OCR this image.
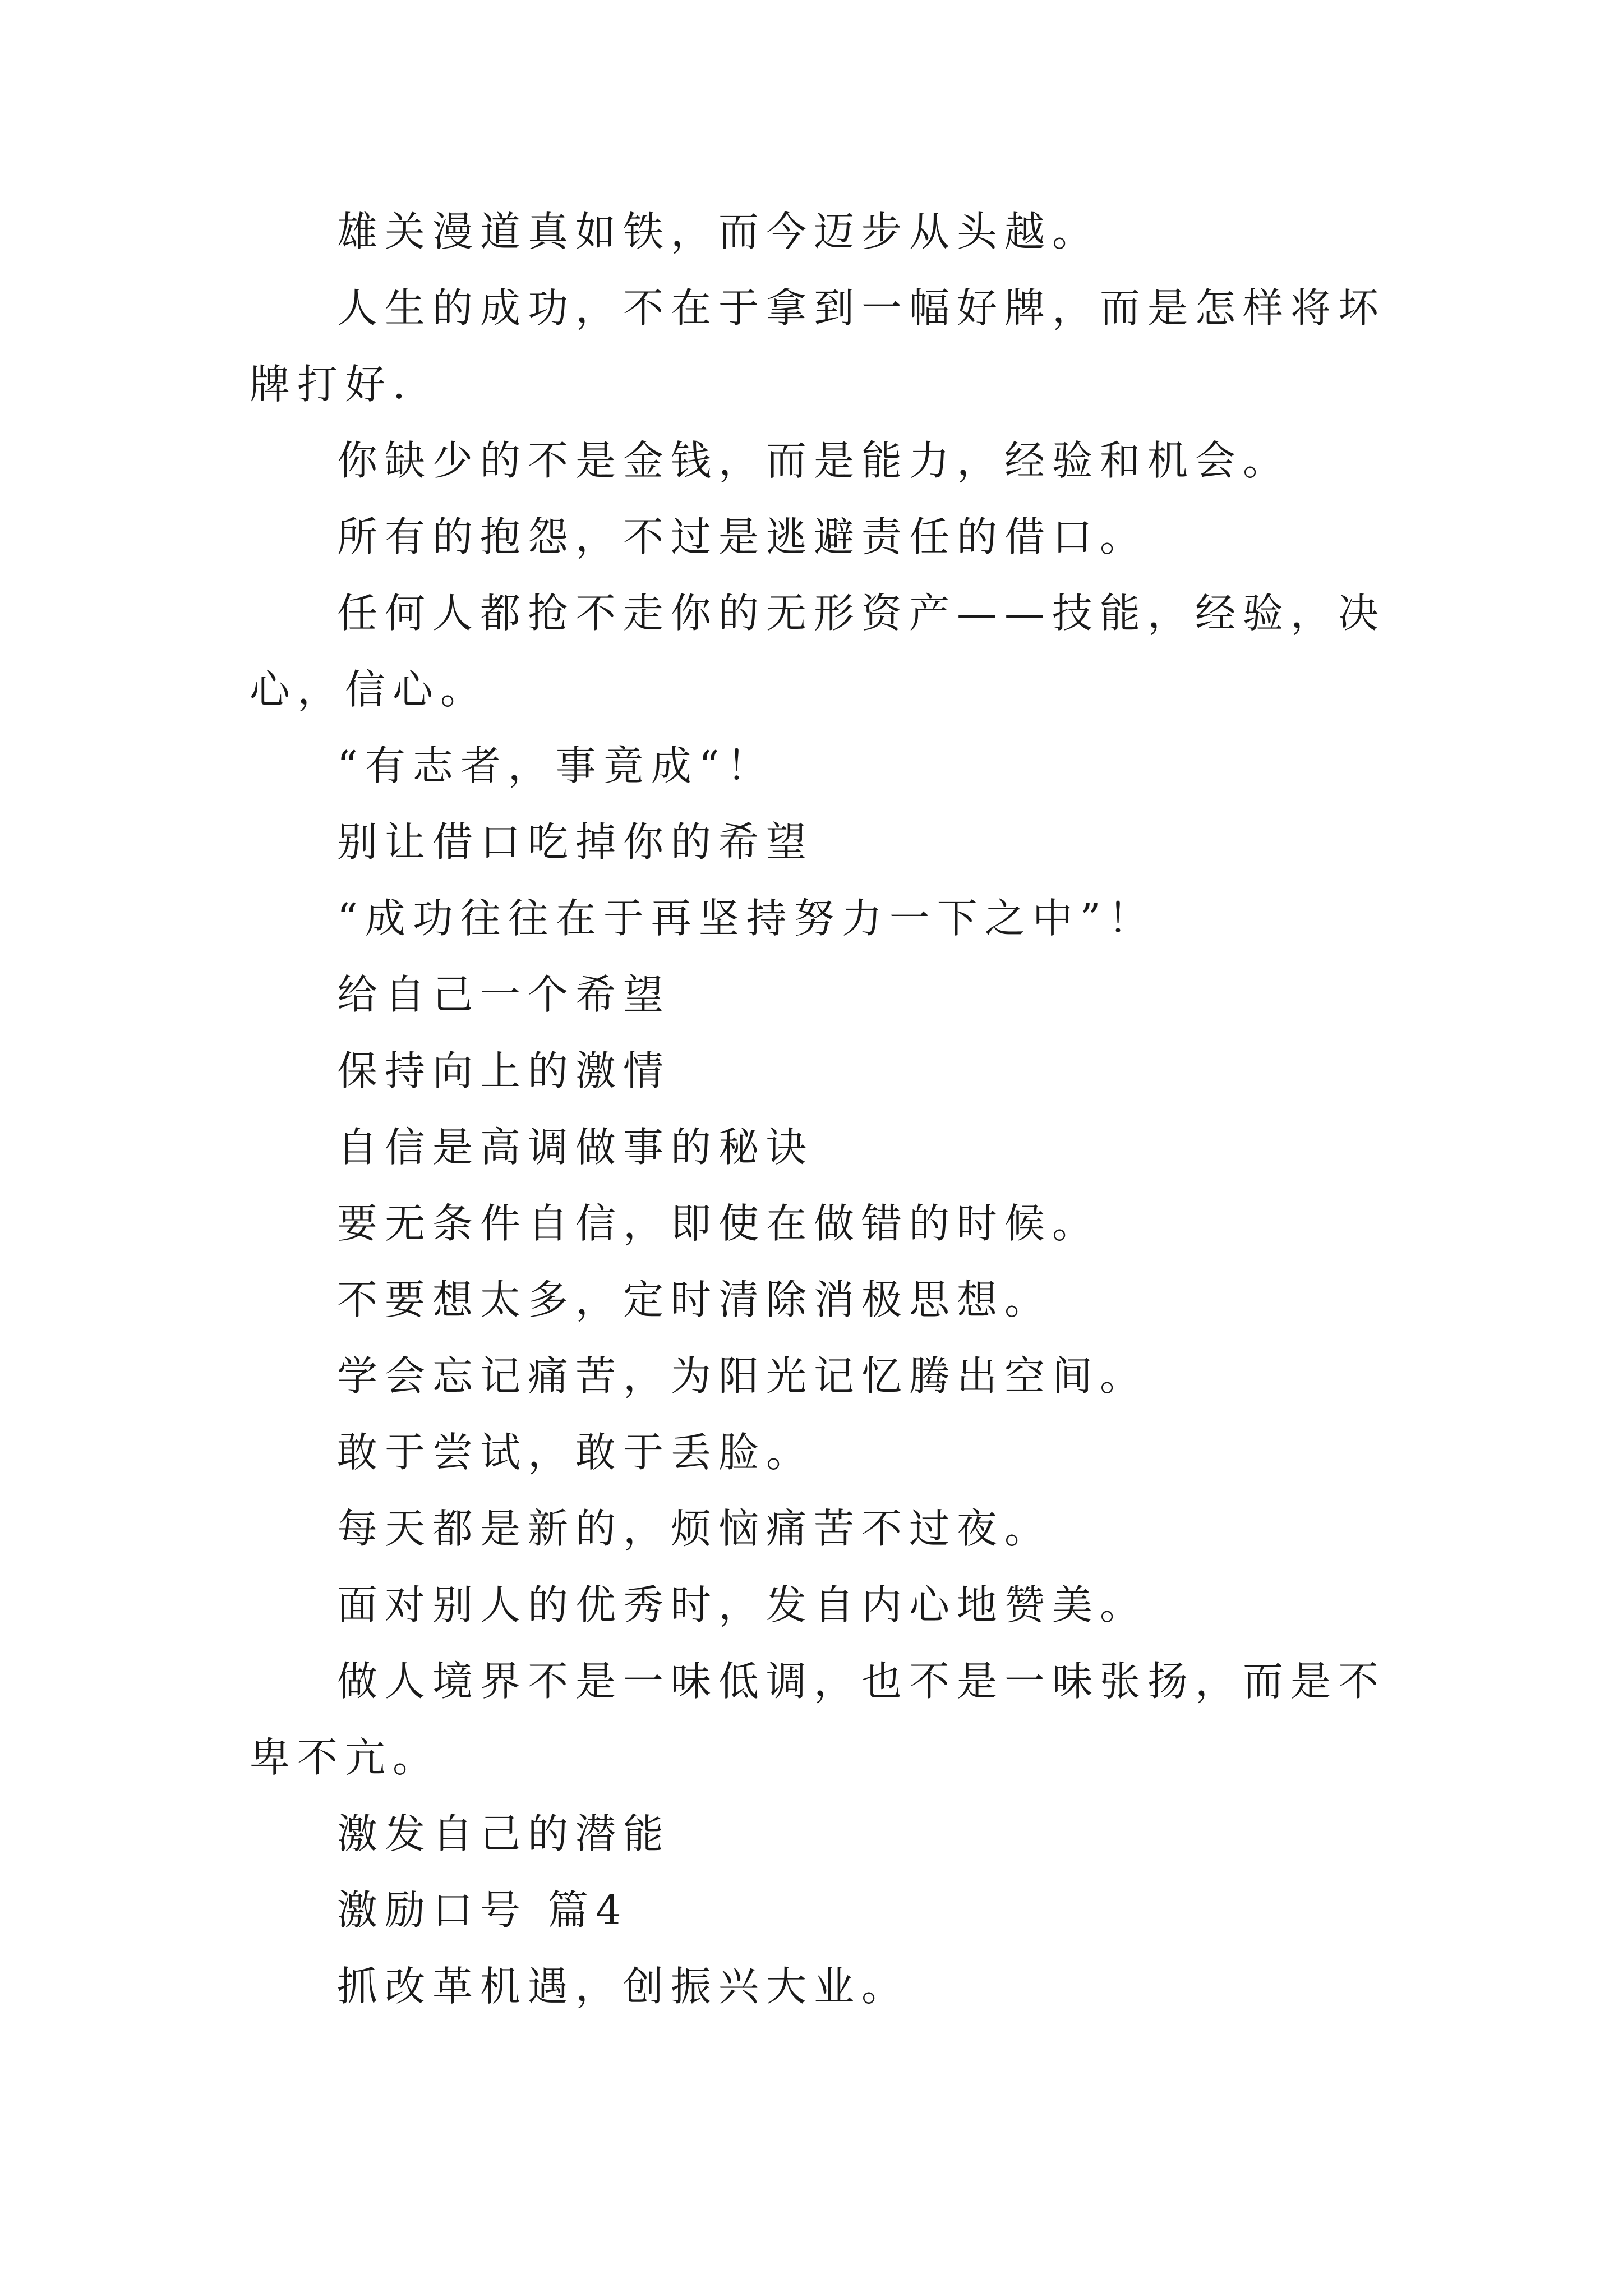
雄关漫道真如铁，而今迈步从头越。

人生的成功，不在于拿到一幅好牌，而是怎样将坏牌打好.

你缺少的不是金钱，而是能力，经验和机会。

所有的抱怨，不过是逃避责任的借口。

任何人都抢不走你的无形资产——技能，经验，决心，信心。

“有志者，事竟成“！

别让借口吃掉你的希望

“成功往往在于再坚持努力一下之中”！

给自己一个希望

保持向上的激情

自信是高调做事的秘诀

要无条件自信，即使在做错的时候。

不要想太多，定时清除消极思想。

学会忘记痛苦，为阳光记忆腾出空间。

敢于尝试，敢于丢脸。

每天都是新的，烦恼痛苦不过夜。

面对别人的优秀时，发自内心地赞美。

做人境界不是一味低调，也不是一味张扬，而是不卑不亢。

激发自己的潜能

激励口号 篇4

抓改革机遇，创振兴大业。
